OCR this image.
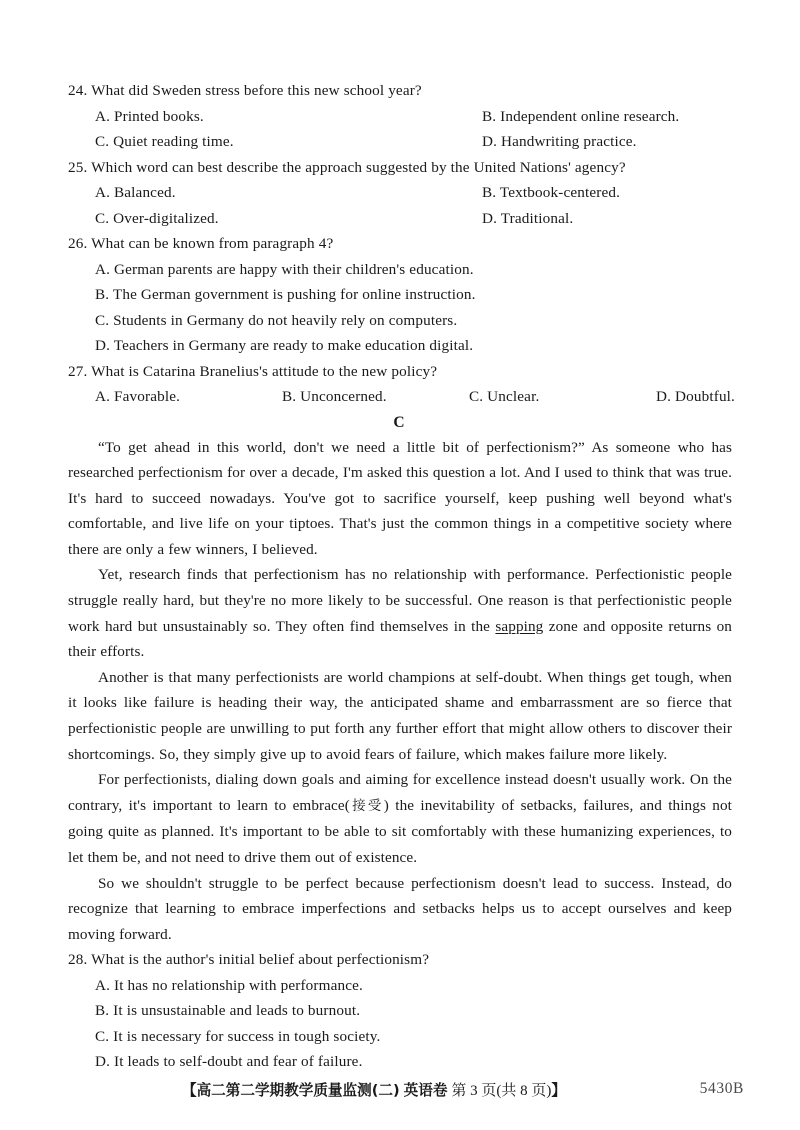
24. What did Sweden stress before this new school year?
A. Printed books.	B. Independent online research.
C. Quiet reading time.	D. Handwriting practice.
25. Which word can best describe the approach suggested by the United Nations' agency?
A. Balanced.	B. Textbook-centered.
C. Over-digitalized.	D. Traditional.
26. What can be known from paragraph 4?
A. German parents are happy with their children's education.
B. The German government is pushing for online instruction.
C. Students in Germany do not heavily rely on computers.
D. Teachers in Germany are ready to make education digital.
27. What is Catarina Branelius's attitude to the new policy?
A. Favorable.	B. Unconcerned.	C. Unclear.	D. Doubtful.
C

“To get ahead in this world, don't we need a little bit of perfectionism?” As someone who has researched perfectionism for over a decade, I'm asked this question a lot. And I used to think that was true. It's hard to succeed nowadays. You've got to sacrifice yourself, keep pushing well beyond what's comfortable, and live life on your tiptoes. That's just the common things in a competitive society where there are only a few winners, I believed.

Yet, research finds that perfectionism has no relationship with performance. Perfectionistic people struggle really hard, but they're no more likely to be successful. One reason is that perfectionistic people work hard but unsustainably so. They often find themselves in the sapping zone and opposite returns on their efforts.

Another is that many perfectionists are world champions at self-doubt. When things get tough, when it looks like failure is heading their way, the anticipated shame and embarrassment are so fierce that perfectionistic people are unwilling to put forth any further effort that might allow others to discover their shortcomings. So, they simply give up to avoid fears of failure, which makes failure more likely.

For perfectionists, dialing down goals and aiming for excellence instead doesn't usually work. On the contrary, it's important to learn to embrace(接受) the inevitability of setbacks, failures, and things not going quite as planned. It's important to be able to sit comfortably with these humanizing experiences, to let them be, and not need to drive them out of existence.

So we shouldn't struggle to be perfect because perfectionism doesn't lead to success. Instead, do recognize that learning to embrace imperfections and setbacks helps us to accept ourselves and keep moving forward.

28. What is the author's initial belief about perfectionism?
A. It has no relationship with performance.
B. It is unsustainable and leads to burnout.
C. It is necessary for success in tough society.
D. It leads to self-doubt and fear of failure.
【高二第二学期教学质量监测(二) 英语卷 第 3 页(共 8 页)】	5430B
